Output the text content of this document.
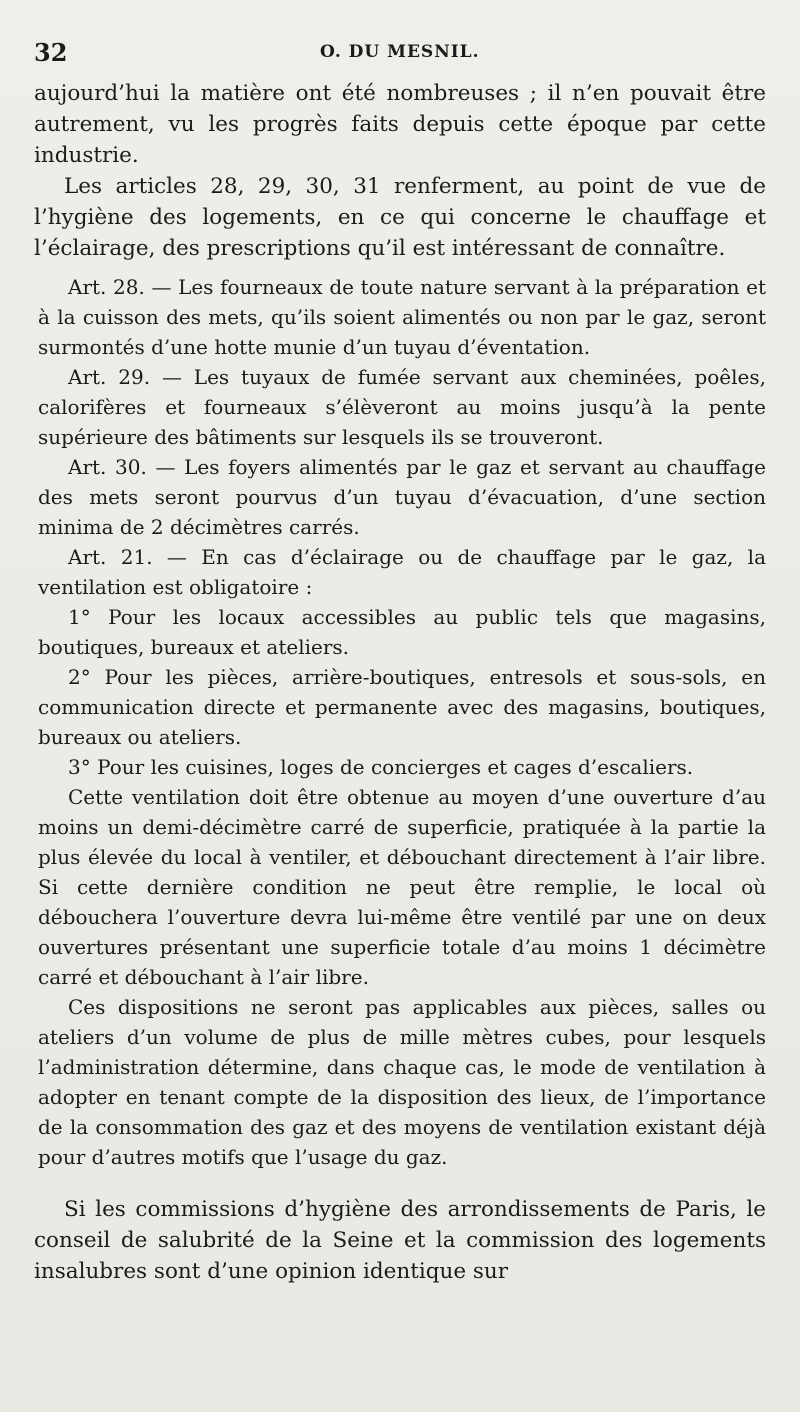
32	O. DU MESNIL.

aujourd’hui la matière ont été nombreuses ; il n’en pouvait être autrement, vu les progrès faits depuis cette époque par cette industrie.

Les articles 28, 29, 30, 31 renferment, au point de vue de l’hygiène des logements, en ce qui concerne le chauffage et l’éclairage, des prescriptions qu’il est intéressant de connaître.

Art. 28. — Les fourneaux de toute nature servant à la préparation et à la cuisson des mets, qu’ils soient alimentés ou non par le gaz, seront surmontés d’une hotte munie d’un tuyau d’éventation.

Art. 29. — Les tuyaux de fumée servant aux cheminées, poêles, calorifères et fourneaux s’élèveront au moins jusqu’à la pente supérieure des bâtiments sur lesquels ils se trouveront.

Art. 30. — Les foyers alimentés par le gaz et servant au chauffage des mets seront pourvus d’un tuyau d’évacuation, d’une section minima de 2 décimètres carrés.

Art. 21. — En cas d’éclairage ou de chauffage par le gaz, la ventilation est obligatoire :

1° Pour les locaux accessibles au public tels que magasins, boutiques, bureaux et ateliers.

2° Pour les pièces, arrière-boutiques, entresols et sous-sols, en communication directe et permanente avec des magasins, boutiques, bureaux ou ateliers.

3° Pour les cuisines, loges de concierges et cages d’escaliers.

Cette ventilation doit être obtenue au moyen d’une ouverture d’au moins un demi-décimètre carré de superficie, pratiquée à la partie la plus élevée du local à ventiler, et débouchant directement à l’air libre. Si cette dernière condition ne peut être remplie, le local où débouchera l’ouverture devra lui-même être ventilé par une on deux ouvertures présentant une superficie totale d’au moins 1 décimètre carré et débouchant à l’air libre.

Ces dispositions ne seront pas applicables aux pièces, salles ou ateliers d’un volume de plus de mille mètres cubes, pour lesquels l’administration détermine, dans chaque cas, le mode de ventilation à adopter en tenant compte de la disposition des lieux, de l’importance de la consommation des gaz et des moyens de ventilation existant déjà pour d’autres motifs que l’usage du gaz.

Si les commissions d’hygiène des arrondissements de Paris, le conseil de salubrité de la Seine et la commission des logements insalubres sont d’une opinion identique sur
